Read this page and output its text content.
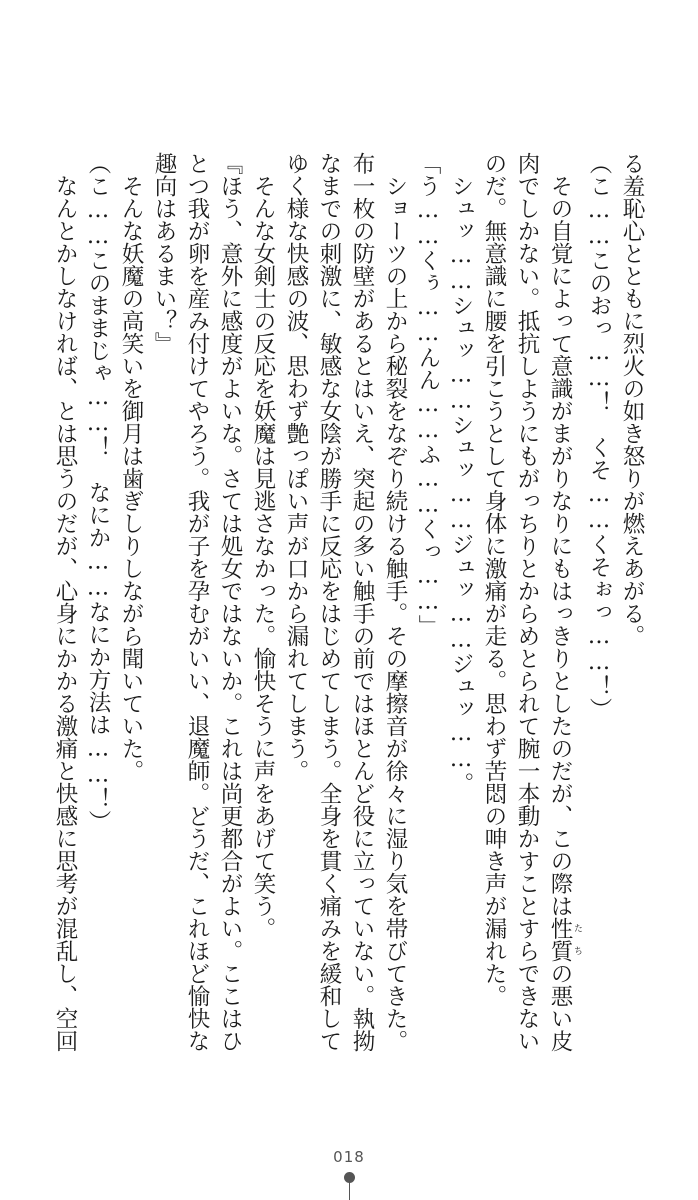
る羞恥心とともに烈火の如き怒りが燃えあがる。
（こ……このおっ……！　くそ……くそぉっ……！）
　その自覚によって意識がまがりなりにもはっきりとしたのだが、この際は性質 たちの悪い皮
肉でしかない。抵抗しようにもがっちりとからめとられて腕一本動かすことすらできない
のだ。無意識に腰を引こうとして身体に激痛が走る。思わず苦悶の呻き声が漏れた。
　シュッ……シュッ……シュッ……ジュッ……ジュッ……。
「う……くぅ……んん……ふ……くっ……」
　ショーツの上から秘裂をなぞり続ける触手。その摩擦音が徐々に湿り気を帯びてきた。
布一枚の防壁があるとはいえ、突起の多い触手の前ではほとんど役に立っていない。執拗
なまでの刺激に、敏感な女陰が勝手に反応をはじめてしまう。全身を貫く痛みを緩和して
ゆく様な快感の波、思わず艶っぽい声が口から漏れてしまう。
　そんな女剣士の反応を妖魔は見逃さなかった。愉快そうに声をあげて笑う。
『ほう、意外に感度がよいな。さては処女ではないか。これは尚更都合がよい。ここはひ
とつ我が卵を産み付けてやろう。我が子を孕むがいい、退魔師。どうだ、これほど愉快な
趣向はあるまい？』
　そんな妖魔の高笑いを御月は歯ぎしりしながら聞いていた。
（こ……このままじゃ……！　なにか……なにか方法は……！）
　なんとかしなければ、とは思うのだが、心身にかかる激痛と快感に思考が混乱し、空回
018
